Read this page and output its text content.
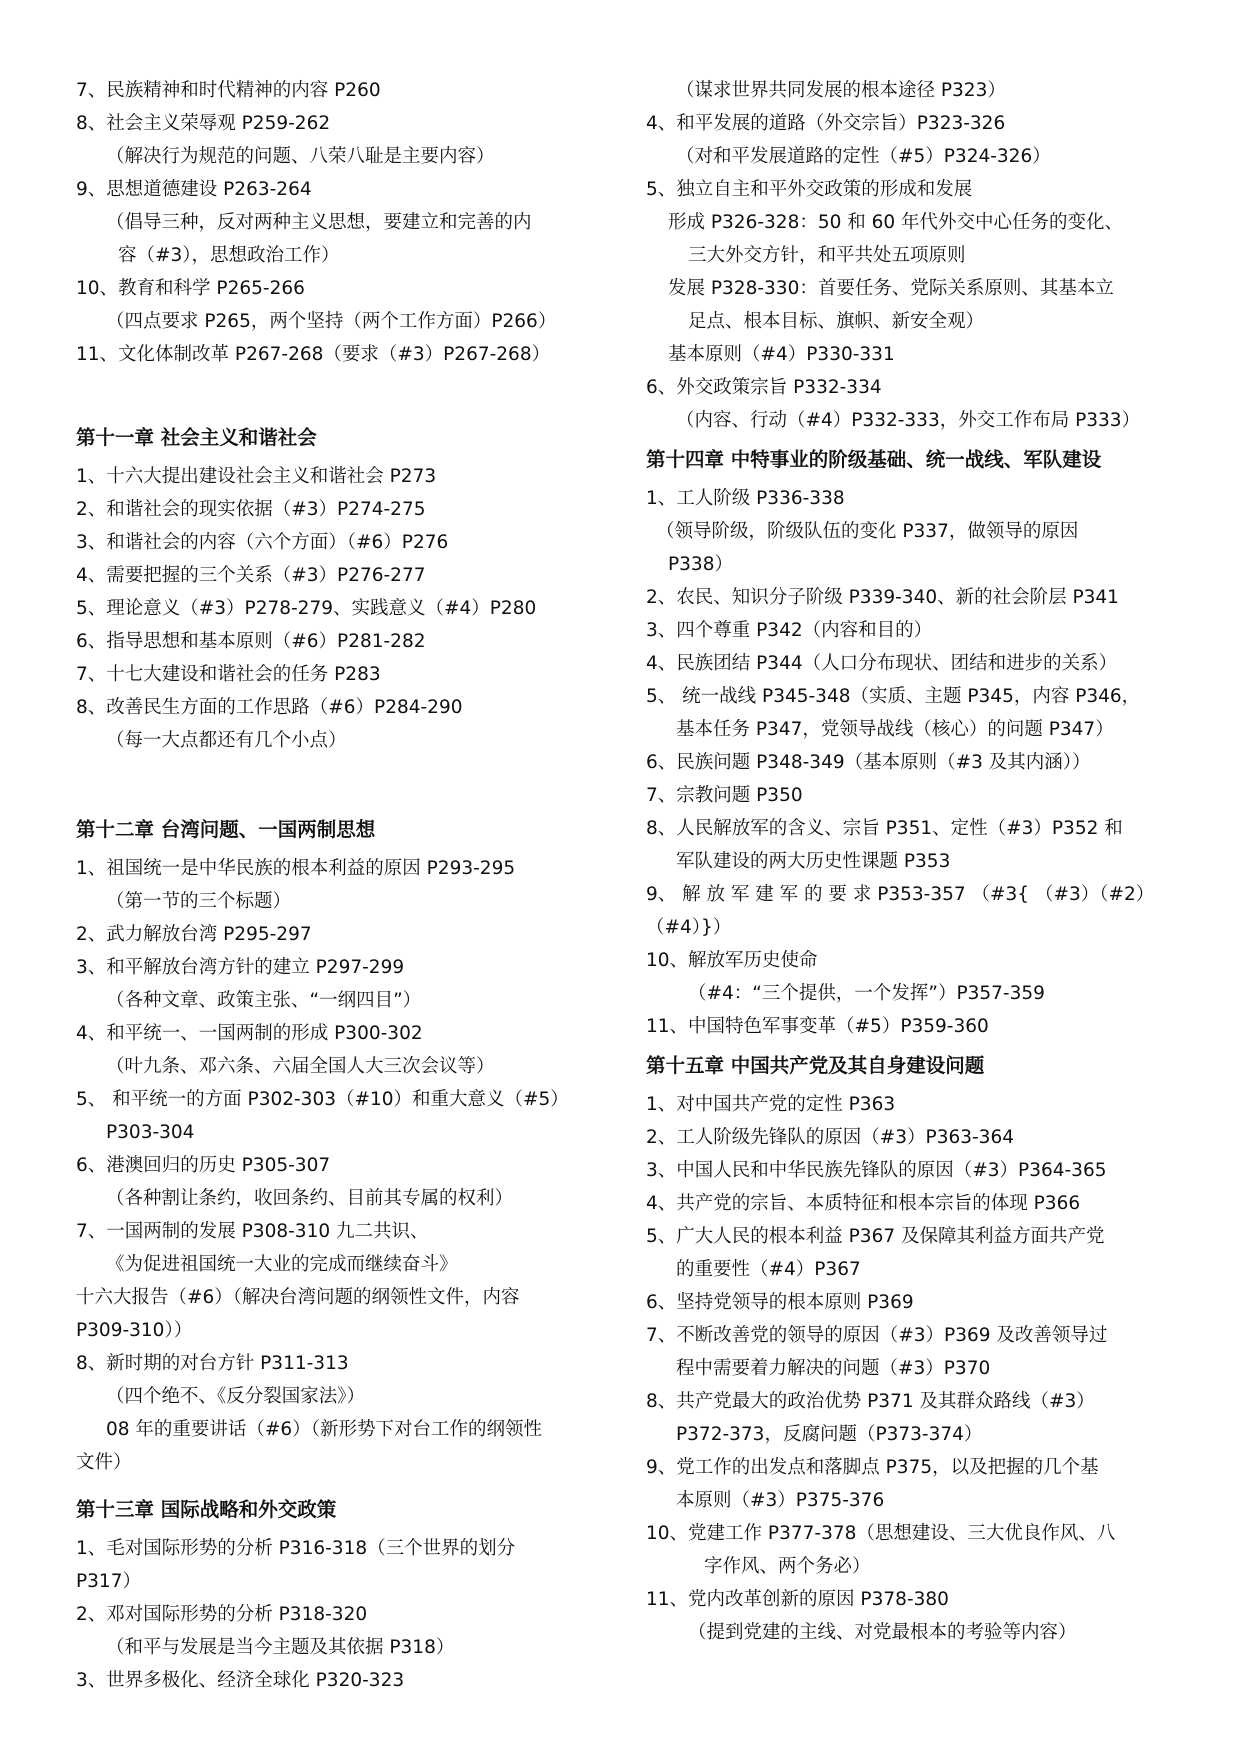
7、民族精神和时代精神的内容 P260
8、社会主义荣辱观 P259-262
（解决行为规范的问题、八荣八耻是主要内容）
9、思想道德建设 P263-264
（倡导三种，反对两种主义思想，要建立和完善的内
容（#3），思想政治工作）
10、教育和科学 P265-266
（四点要求 P265，两个坚持（两个工作方面）P266）
11、文化体制改革 P267-268（要求（#3）P267-268）
第十一章 社会主义和谐社会
1、十六大提出建设社会主义和谐社会 P273
2、和谐社会的现实依据（#3）P274-275
3、和谐社会的内容（六个方面）（#6）P276
4、需要把握的三个关系（#3）P276-277
5、理论意义（#3）P278-279、实践意义（#4）P280
6、指导思想和基本原则（#6）P281-282
7、十七大建设和谐社会的任务 P283
8、改善民生方面的工作思路（#6）P284-290
（每一大点都还有几个小点）
第十二章 台湾问题、一国两制思想
1、祖国统一是中华民族的根本利益的原因 P293-295
（第一节的三个标题）
2、武力解放台湾 P295-297
3、和平解放台湾方针的建立 P297-299
（各种文章、政策主张、“一纲四目”）
4、和平统一、一国两制的形成 P300-302
（叶九条、邓六条、六届全国人大三次会议等）
5、 和平统一的方面 P302-303（#10）和重大意义（#5）
P303-304
6、港澳回归的历史 P305-307
（各种割让条约，收回条约、目前其专属的权利）
7、一国两制的发展 P308-310 九二共识、
《为促进祖国统一大业的完成而继续奋斗》
十六大报告（#6）（解决台湾问题的纲领性文件，内容
P309-310））
8、新时期的对台方针 P311-313
（四个绝不、《反分裂国家法》）
08 年的重要讲话（#6）（新形势下对台工作的纲领性
文件）
第十三章 国际战略和外交政策
1、毛对国际形势的分析 P316-318（三个世界的划分
P317）
2、邓对国际形势的分析 P318-320
（和平与发展是当今主题及其依据 P318）
3、世界多极化、经济全球化 P320-323
（谋求世界共同发展的根本途径 P323）
4、和平发展的道路（外交宗旨）P323-326
（对和平发展道路的定性（#5）P324-326）
5、独立自主和平外交政策的形成和发展
形成 P326-328：50 和 60 年代外交中心任务的变化、
三大外交方针，和平共处五项原则
发展 P328-330：首要任务、党际关系原则、其基本立
足点、根本目标、旗帜、新安全观）
基本原则（#4）P330-331
6、外交政策宗旨 P332-334
（内容、行动（#4）P332-333，外交工作布局 P333）
第十四章 中特事业的阶级基础、统一战线、军队建设
1、工人阶级 P336-338
（领导阶级，阶级队伍的变化 P337，做领导的原因
P338）
2、农民、知识分子阶级 P339-340、新的社会阶层 P341
3、四个尊重 P342（内容和目的）
4、民族团结 P344（人口分布现状、团结和进步的关系）
5、 统一战线 P345-348（实质、主题 P345，内容 P346，
基本任务 P347，党领导战线（核心）的问题 P347）
6、民族问题 P348-349（基本原则（#3 及其内涵））
7、宗教问题 P350
8、人民解放军的含义、宗旨 P351、定性（#3）P352 和
军队建设的两大历史性课题 P353
9、 解 放 军 建 军 的 要 求 P353-357 （#3{ （#3）（#2）
（#4）}）
10、解放军历史使命
（#4：“三个提供，一个发挥”）P357-359
11、中国特色军事变革（#5）P359-360
第十五章 中国共产党及其自身建设问题
1、对中国共产党的定性 P363
2、工人阶级先锋队的原因（#3）P363-364
3、中国人民和中华民族先锋队的原因（#3）P364-365
4、共产党的宗旨、本质特征和根本宗旨的体现 P366
5、广大人民的根本利益 P367 及保障其利益方面共产党
的重要性（#4）P367
6、坚持党领导的根本原则 P369
7、不断改善党的领导的原因（#3）P369 及改善领导过
程中需要着力解决的问题（#3）P370
8、共产党最大的政治优势 P371 及其群众路线（#3）
P372-373，反腐问题（P373-374）
9、党工作的出发点和落脚点 P375，以及把握的几个基
本原则（#3）P375-376
10、党建工作 P377-378（思想建设、三大优良作风、八
字作风、两个务必）
11、党内改革创新的原因 P378-380
（提到党建的主线、对党最根本的考验等内容）
